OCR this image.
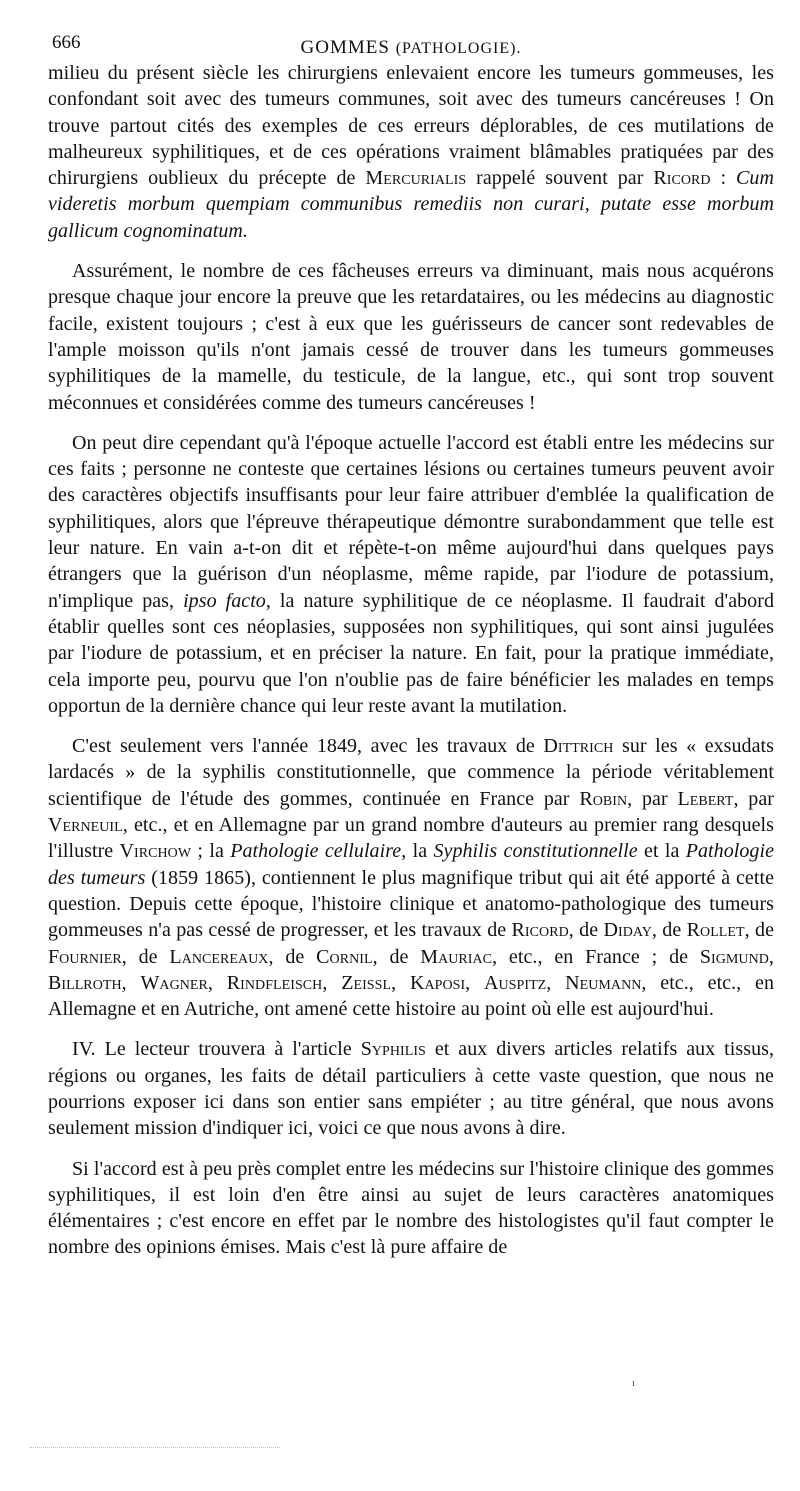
666	GOMMES (PATHOLOGIE).

milieu du présent siècle les chirurgiens enlevaient encore les tumeurs gommeuses, les confondant soit avec des tumeurs communes, soit avec des tumeurs cancéreuses ! On trouve partout cités des exemples de ces erreurs déplorables, de ces mutilations de malheureux syphilitiques, et de ces opérations vraiment blâmables pratiquées par des chirurgiens oublieux du précepte de Mercurialis rappelé souvent par Ricord : Cum videretis morbum quempiam communibus remediis non curari, putate esse morbum gallicum cognominatum.

Assurément, le nombre de ces fâcheuses erreurs va diminuant, mais nous acquérons presque chaque jour encore la preuve que les retardataires, ou les médecins au diagnostic facile, existent toujours ; c'est à eux que les guérisseurs de cancer sont redevables de l'ample moisson qu'ils n'ont jamais cessé de trouver dans les tumeurs gommeuses syphilitiques de la mamelle, du testicule, de la langue, etc., qui sont trop souvent méconnues et considérées comme des tumeurs cancéreuses !

On peut dire cependant qu'à l'époque actuelle l'accord est établi entre les médecins sur ces faits ; personne ne conteste que certaines lésions ou certaines tumeurs peuvent avoir des caractères objectifs insuffisants pour leur faire attribuer d'emblée la qualification de syphilitiques, alors que l'épreuve thérapeutique démontre surabondamment que telle est leur nature. En vain a-t-on dit et répète-t-on même aujourd'hui dans quelques pays étrangers que la guérison d'un néoplasme, même rapide, par l'iodure de potassium, n'implique pas, ipso facto, la nature syphilitique de ce néoplasme. Il faudrait d'abord établir quelles sont ces néoplasies, supposées non syphilitiques, qui sont ainsi jugulées par l'iodure de potassium, et en préciser la nature. En fait, pour la pratique immédiate, cela importe peu, pourvu que l'on n'oublie pas de faire bénéficier les malades en temps opportun de la dernière chance qui leur reste avant la mutilation.

C'est seulement vers l'année 1849, avec les travaux de Dittrich sur les « exsudats lardacés » de la syphilis constitutionnelle, que commence la période véritablement scientifique de l'étude des gommes, continuée en France par Robin, par Lebert, par Verneuil, etc., et en Allemagne par un grand nombre d'auteurs au premier rang desquels l'illustre Virchow ; la Pathologie cellulaire, la Syphilis constitutionnelle et la Pathologie des tumeurs (1859 1865), contiennent le plus magnifique tribut qui ait été apporté à cette question. Depuis cette époque, l'histoire clinique et anatomo-pathologique des tumeurs gommeuses n'a pas cessé de progresser, et les travaux de Ricord, de Diday, de Rollet, de Fournier, de Lancereaux, de Cornil, de Mauriac, etc., en France ; de Sigmund, Billroth, Wagner, Rindfleisch, Zeissl, Kaposi, Auspitz, Neumann, etc., etc., en Allemagne et en Autriche, ont amené cette histoire au point où elle est aujourd'hui.

IV. Le lecteur trouvera à l'article Syphilis et aux divers articles relatifs aux tissus, régions ou organes, les faits de détail particuliers à cette vaste question, que nous ne pourrions exposer ici dans son entier sans empiéter ; au titre général, que nous avons seulement mission d'indiquer ici, voici ce que nous avons à dire.

Si l'accord est à peu près complet entre les médecins sur l'histoire clinique des gommes syphilitiques, il est loin d'en être ainsi au sujet de leurs caractères anatomiques élémentaires ; c'est encore en effet par le nombre des histologistes qu'il faut compter le nombre des opinions émises. Mais c'est là pure affaire de

ı
